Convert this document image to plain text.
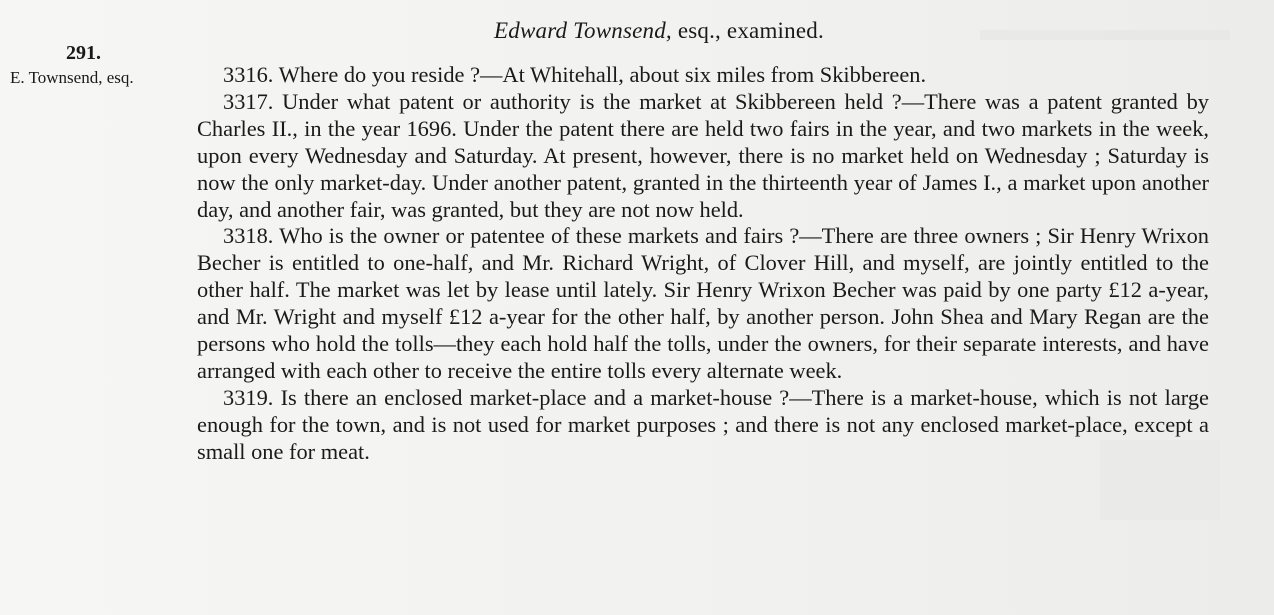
Edward Townsend, esq., examined.
291.
E. Townsend, esq.	3316. Where do you reside ?—At Whitehall, about six miles from Skibbereen.

3317. Under what patent or authority is the market at Skibbereen held ?—There was a patent granted by Charles II., in the year 1696. Under the patent there are held two fairs in the year, and two markets in the week, upon every Wednesday and Saturday. At present, however, there is no market held on Wednesday ; Saturday is now the only market-day. Under another patent, granted in the thirteenth year of James I., a market upon another day, and another fair, was granted, but they are not now held.

3318. Who is the owner or patentee of these markets and fairs ?—There are three owners ; Sir Henry Wrixon Becher is entitled to one-half, and Mr. Richard Wright, of Clover Hill, and myself, are jointly entitled to the other half. The market was let by lease until lately. Sir Henry Wrixon Becher was paid by one party £12 a-year, and Mr. Wright and myself £12 a-year for the other half, by another person. John Shea and Mary Regan are the persons who hold the tolls—they each hold half the tolls, under the owners, for their separate interests, and have arranged with each other to receive the entire tolls every alternate week.

3319. Is there an enclosed market-place and a market-house ?—There is a market-house, which is not large enough for the town, and is not used for market purposes ; and there is not any enclosed market-place, except a small one for meat.
